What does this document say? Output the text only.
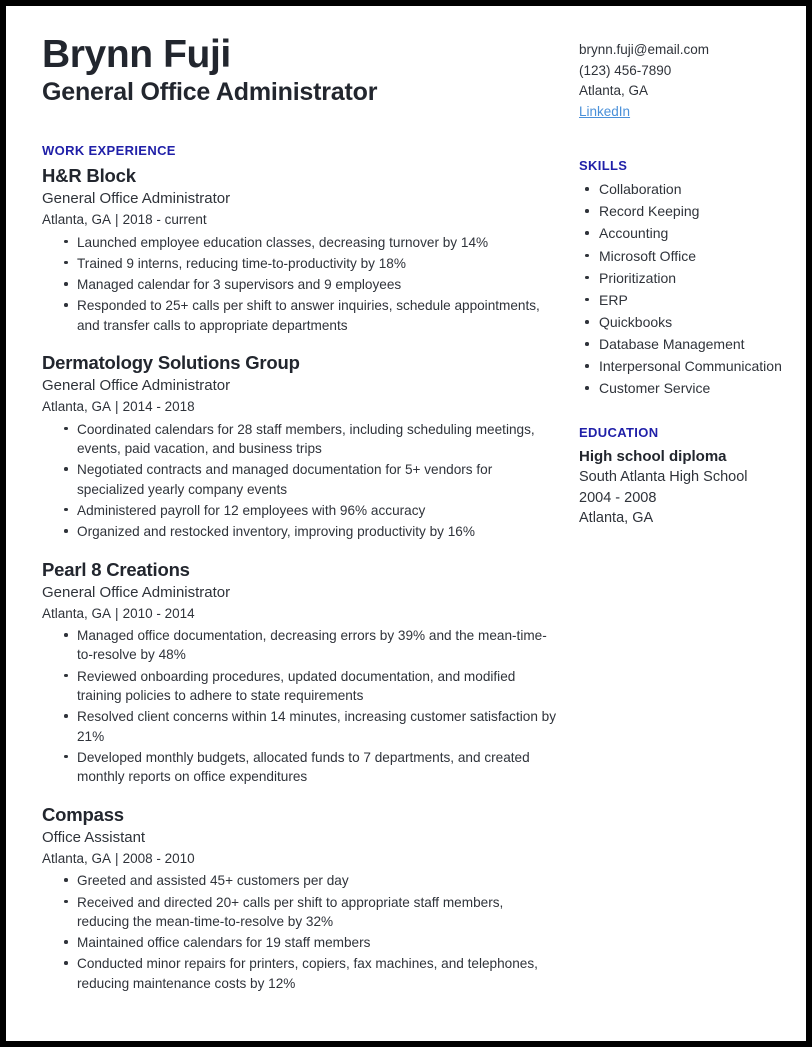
Brynn Fuji
General Office Administrator
WORK EXPERIENCE
H&R Block
General Office Administrator
Atlanta, GA | 2018 - current
Launched employee education classes, decreasing turnover by 14%
Trained 9 interns, reducing time-to-productivity by 18%
Managed calendar for 3 supervisors and 9 employees
Responded to 25+ calls per shift to answer inquiries, schedule appointments, and transfer calls to appropriate departments
Dermatology Solutions Group
General Office Administrator
Atlanta, GA | 2014 - 2018
Coordinated calendars for 28 staff members, including scheduling meetings, events, paid vacation, and business trips
Negotiated contracts and managed documentation for 5+ vendors for specialized yearly company events
Administered payroll for 12 employees with 96% accuracy
Organized and restocked inventory, improving productivity by 16%
Pearl 8 Creations
General Office Administrator
Atlanta, GA | 2010 - 2014
Managed office documentation, decreasing errors by 39% and the mean-time-to-resolve by 48%
Reviewed onboarding procedures, updated documentation, and modified training policies to adhere to state requirements
Resolved client concerns within 14 minutes, increasing customer satisfaction by 21%
Developed monthly budgets, allocated funds to 7 departments, and created monthly reports on office expenditures
Compass
Office Assistant
Atlanta, GA | 2008 - 2010
Greeted and assisted 45+ customers per day
Received and directed 20+ calls per shift to appropriate staff members, reducing the mean-time-to-resolve by 32%
Maintained office calendars for 19 staff members
Conducted minor repairs for printers, copiers, fax machines, and telephones, reducing maintenance costs by 12%
brynn.fuji@email.com
(123) 456-7890
Atlanta, GA
LinkedIn
SKILLS
Collaboration
Record Keeping
Accounting
Microsoft Office
Prioritization
ERP
Quickbooks
Database Management
Interpersonal Communication
Customer Service
EDUCATION
High school diploma
South Atlanta High School
2004 - 2008
Atlanta, GA
